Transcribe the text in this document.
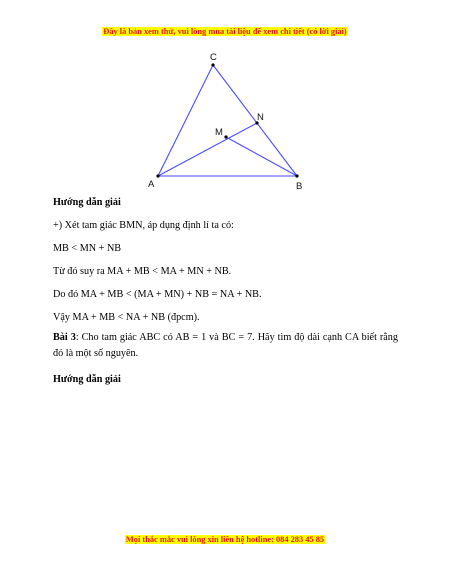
Đây là bản xem thử, vui lòng mua tài liệu để xem chi tiết (có lời giải)
C
A	B
M
N
Hướng dẫn giải
+) Xét tam giác BMN, áp dụng định lí ta có:
MB < MN + NB
Từ đó suy ra MA + MB < MA + MN + NB.
Do đó MA + MB < (MA + MN) + NB = NA + NB.
Vậy MA + MB < NA + NB (đpcm).
Bài 3: Cho tam giác ABC có AB = 1 và BC = 7. Hãy tìm độ dài cạnh CA biết rằng đó là một số nguyên.
Hướng dẫn giải
Mọi thắc mắc vui lòng xin liên hệ hotline: 084 283 45 85
